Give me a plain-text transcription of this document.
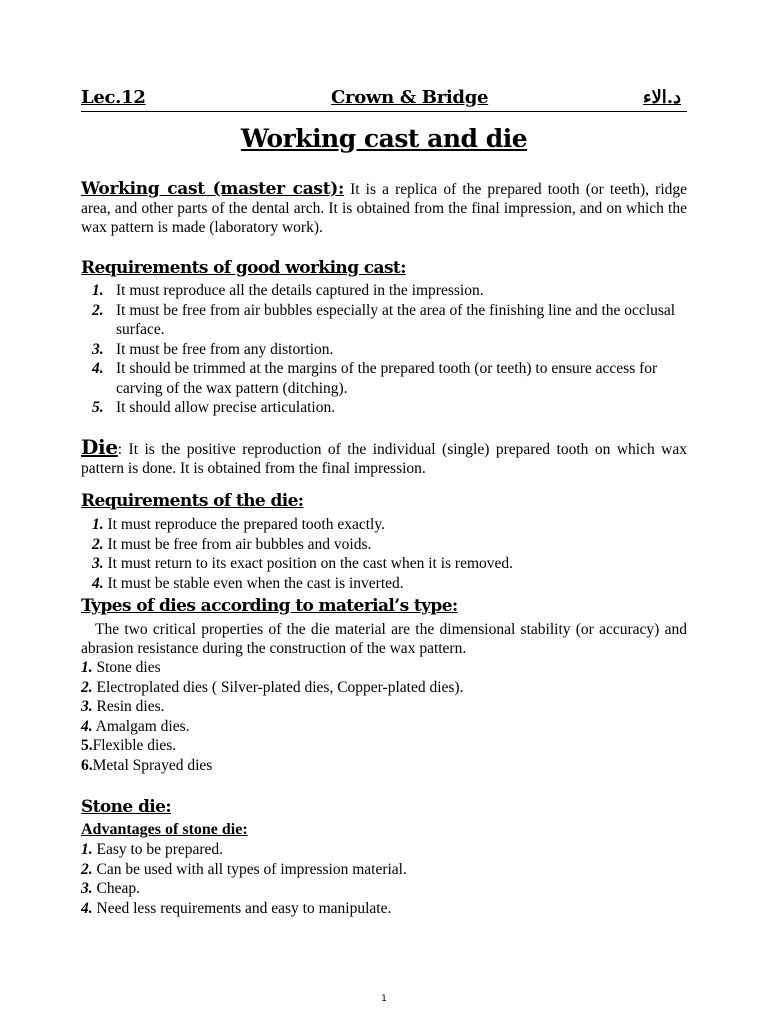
Lec.12	Crown & Bridge	د.الاء
Working cast and die
Working cast (master cast): It is a replica of the prepared tooth (or teeth), ridge area, and other parts of the dental arch. It is obtained from the final impression, and on which the wax pattern is made (laboratory work).
Requirements of good working cast:
1. It must reproduce all the details captured in the impression.
2. It must be free from air bubbles especially at the area of the finishing line and the occlusal surface.
3. It must be free from any distortion.
4. It should be trimmed at the margins of the prepared tooth (or teeth) to ensure access for carving of the wax pattern (ditching).
5. It should allow precise articulation.
Die: It is the positive reproduction of the individual (single) prepared tooth on which wax pattern is done. It is obtained from the final impression.
Requirements of the die:
1. It must reproduce the prepared tooth exactly.
2. It must be free from air bubbles and voids.
3. It must return to its exact position on the cast when it is removed.
4. It must be stable even when the cast is inverted.
Types of dies according to material’s type:
The two critical properties of the die material are the dimensional stability (or accuracy) and abrasion resistance during the construction of the wax pattern.
1. Stone dies
2. Electroplated dies ( Silver-plated dies, Copper-plated dies).
3. Resin dies.
4. Amalgam dies.
5.Flexible dies.
6.Metal Sprayed dies
Stone die:
Advantages of stone die:
1. Easy to be prepared.
2. Can be used with all types of impression material.
3. Cheap.
4. Need less requirements and easy to manipulate.
1
